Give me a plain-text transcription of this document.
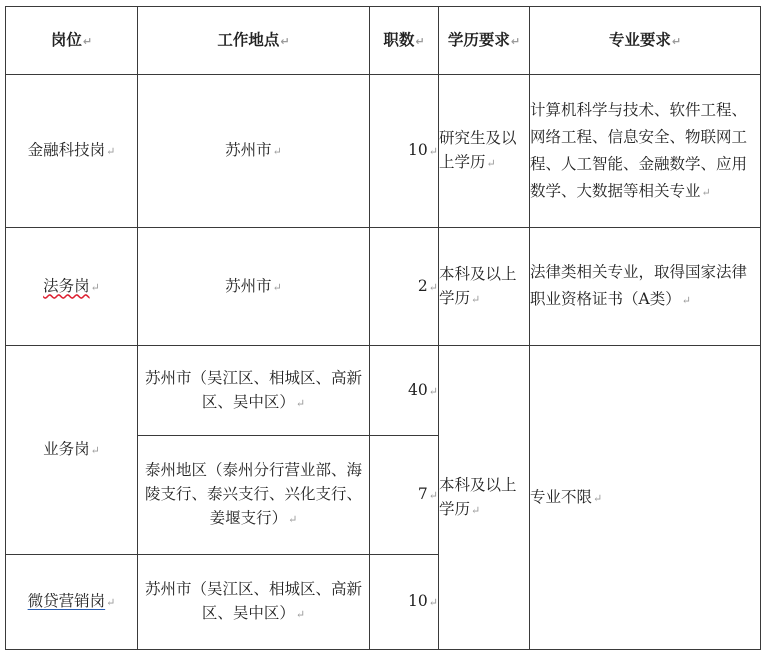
岗位↵	工作地点↵	职数↵	学历要求↵	专业要求↵
金融科技岗↵	苏州市↵	10↵	研究生及以上学历↵	计算机科学与技术、软件工程、网络工程、信息安全、物联网工程、人工智能、金融数学、应用数学、大数据等相关专业↵
法务岗↵	苏州市↵	2↵	本科及以上学历↵	法律类相关专业，取得国家法律职业资格证书（A类）↵
业务岗↵	苏州市（吴江区、相城区、高新区、吴中区）↵	40↵	本科及以上学历↵	专业不限↵
	泰州地区（泰州分行营业部、海陵支行、泰兴支行、兴化支行、姜堰支行）↵	7↵		
微贷营销岗↵	苏州市（吴江区、相城区、高新区、吴中区）↵	10↵		
